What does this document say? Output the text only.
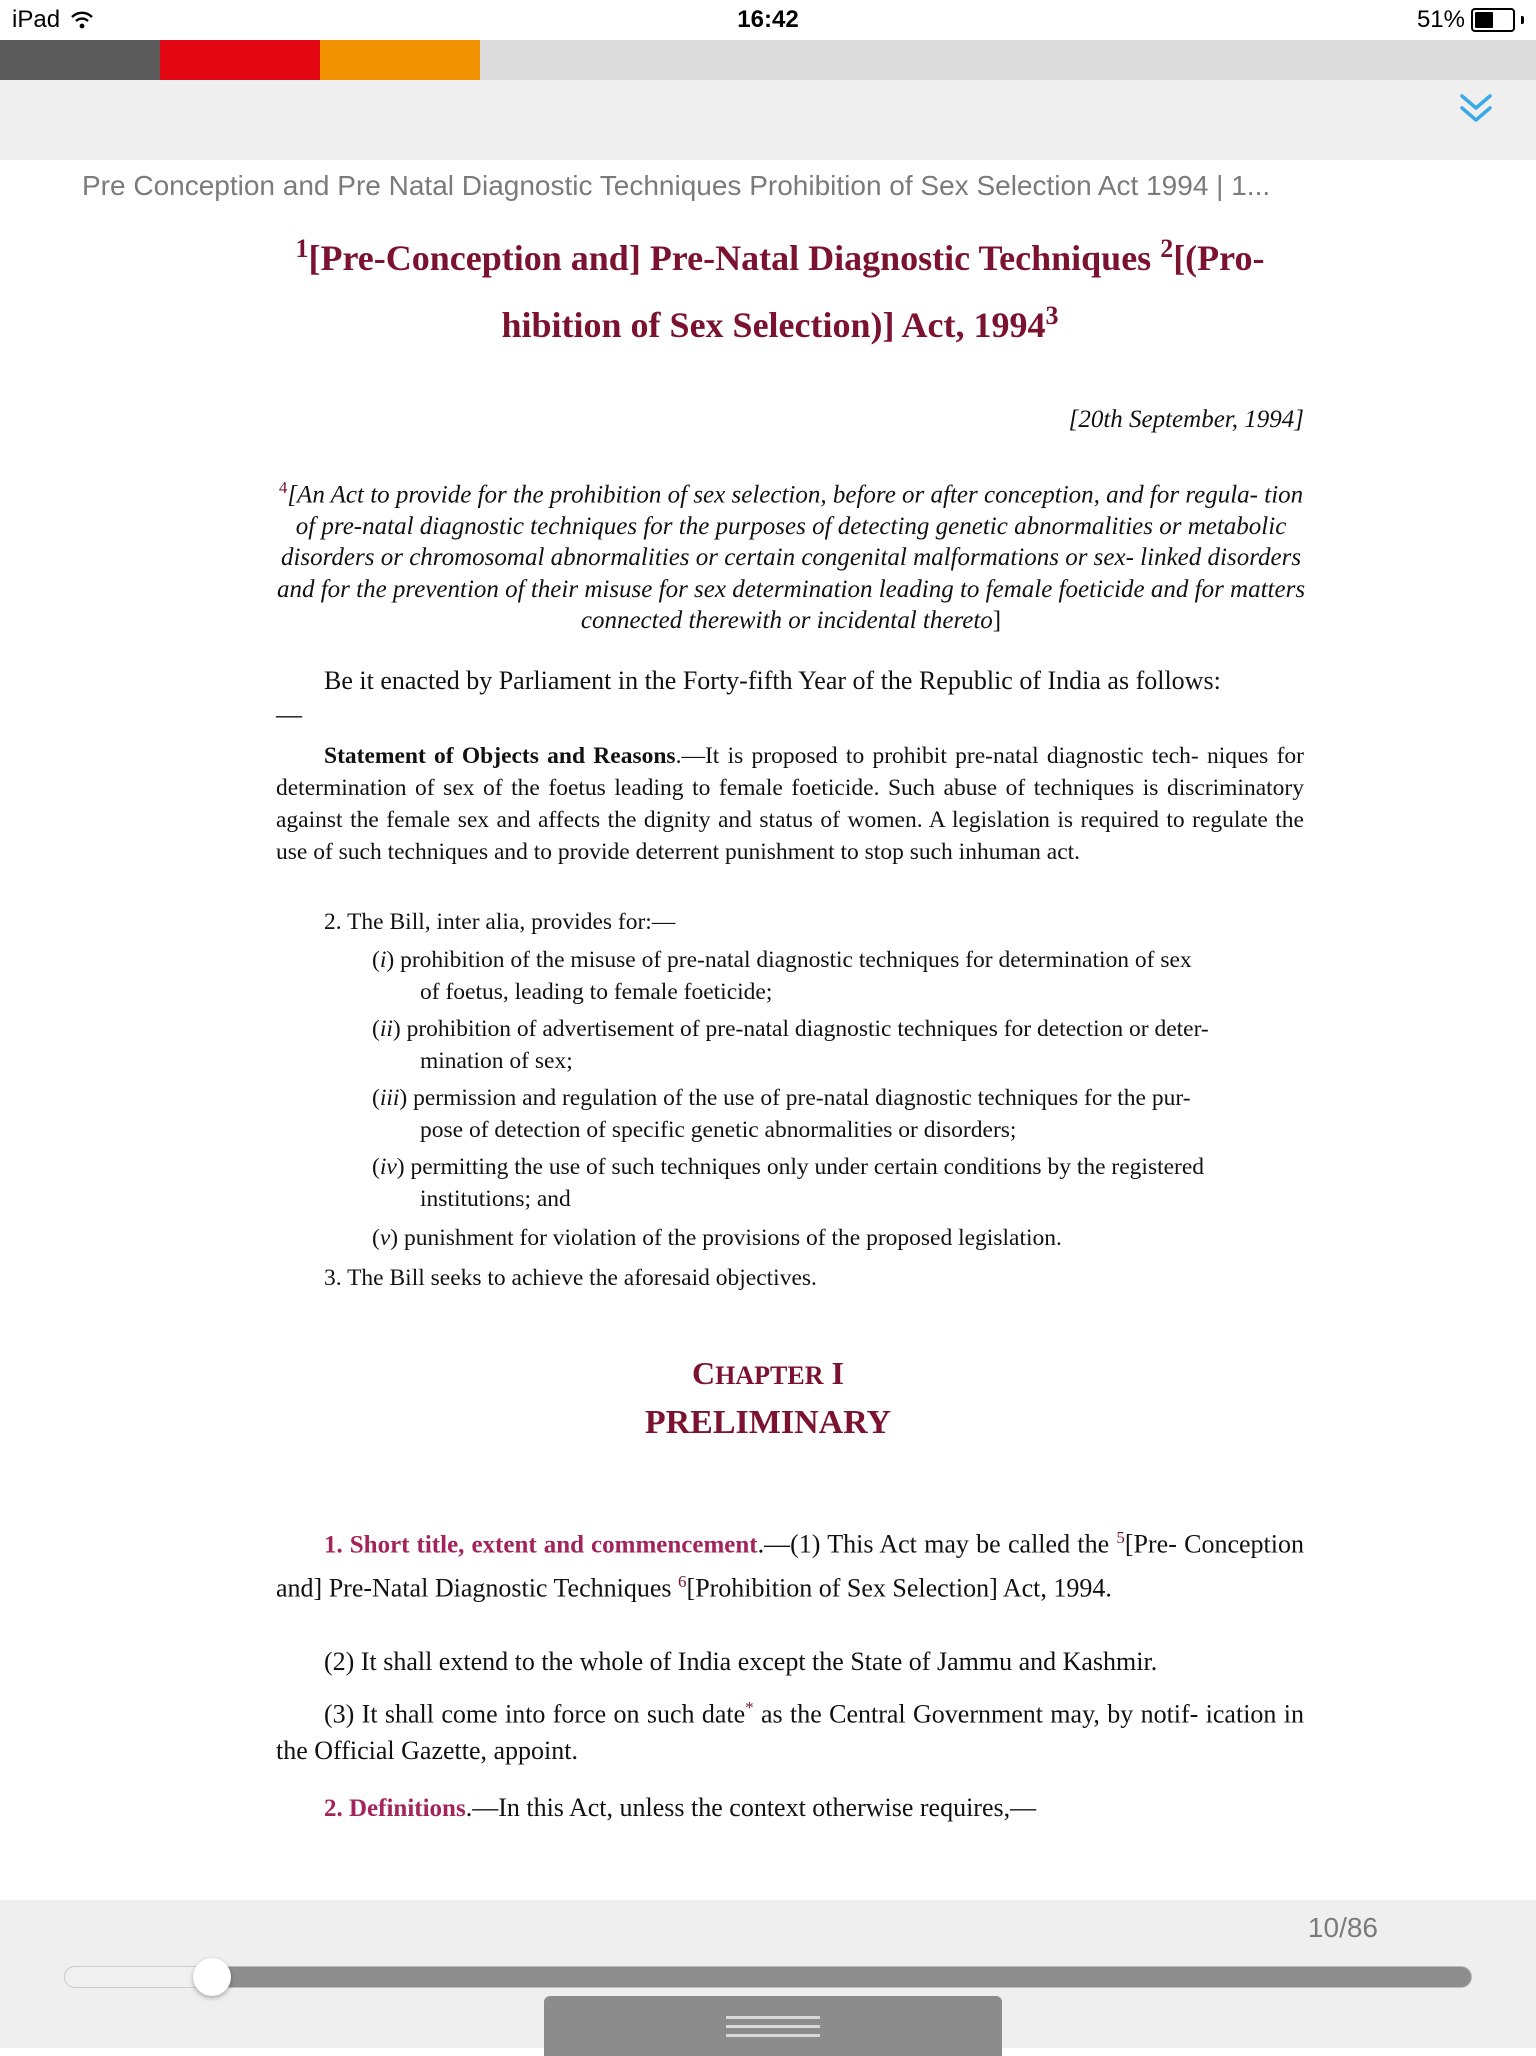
iPad	16:42	51%
Pre Conception and Pre Natal Diagnostic Techniques Prohibition of Sex Selection Act 1994 | 1...
$^1$[Pre-Conception and] Pre-Natal Diagnostic Techniques $^2$[(Pro-
hibition of Sex Selection)] Act, 1994$^3$
[20th September, 1994]
$^4$[An Act to provide for the prohibition of sex selection, before or after conception, and for regula- tion of pre-natal diagnostic techniques for the purposes of detecting genetic abnormalities or metabolic disorders or chromosomal abnormalities or certain congenital malformations or sex- linked disorders and for the prevention of their misuse for sex determination leading to female foeticide and for matters connected therewith or incidental thereto]
Be it enacted by Parliament in the Forty-fifth Year of the Republic of India as follows:
—
Statement of Objects and Reasons.—It is proposed to prohibit pre-natal diagnostic tech- niques for determination of sex of the foetus leading to female foeticide. Such abuse of techniques is discriminatory against the female sex and affects the dignity and status of women. A legislation is required to regulate the use of such techniques and to provide deterrent punishment to stop such inhuman act.
2. The Bill, inter alia, provides for:—
(i) prohibition of the misuse of pre-natal diagnostic techniques for determination of sex
of foetus, leading to female foeticide;
(ii) prohibition of advertisement of pre-natal diagnostic techniques for detection or deter-
mination of sex;
(iii) permission and regulation of the use of pre-natal diagnostic techniques for the pur-
pose of detection of specific genetic abnormalities or disorders;
(iv) permitting the use of such techniques only under certain conditions by the registered
institutions; and
(v) punishment for violation of the provisions of the proposed legislation.
3. The Bill seeks to achieve the aforesaid objectives.
CHAPTER I
PRELIMINARY
1. Short title, extent and commencement.—(1) This Act may be called the $^5$[Pre- Conception and] Pre-Natal Diagnostic Techniques $^6$[Prohibition of Sex Selection] Act, 1994.
(2) It shall extend to the whole of India except the State of Jammu and Kashmir.
(3) It shall come into force on such date* as the Central Government may, by notif- ication in the Official Gazette, appoint.
2. Definitions.—In this Act, unless the context otherwise requires,—
10/86
